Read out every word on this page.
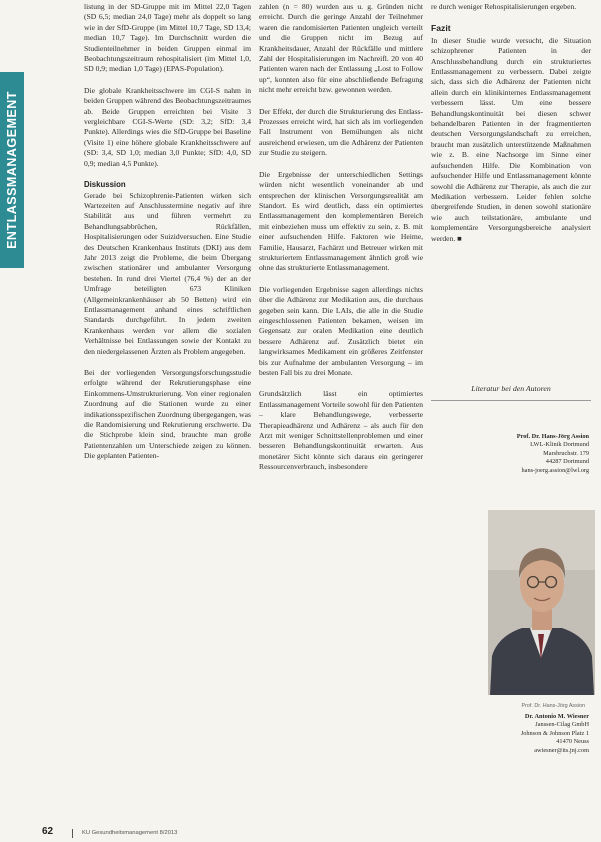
ENTLASSMANAGEMENT

listung in der SD-Gruppe mit im Mittel 22,0 Tagen (SD 6,5; median 24,0 Tage) mehr als doppelt so lang wie in der SfD-Gruppe (im Mittel 10,7 Tage, SD 13,4; median 10,7 Tage). Im Durchschnitt wurden die Studienteilnehmer in beiden Gruppen einmal im Beobachtungszeitraum rehospitalisiert (im Mittel 1,0, SD 0,9; median 1,0 Tage) (EPAS-Population).

Die globale Krankheitsschwere im CGI-S nahm in beiden Gruppen während des Beobachtungszeitraumes ab. Beide Gruppen erreichten bei Visite 3 vergleichbare CGI-S-Werte (SD: 3,2; SfD: 3,4 Punkte). Allerdings wies die SfD-Gruppe bei Baseline (Visite 1) eine höhere globale Krankheitsschwere auf (SD: 3,4, SD 1,0; median 3,0 Punkte; SfD: 4,0, SD 0,9; median 4,5 Punkte).

Diskussion

Gerade bei Schizophrenie-Patienten wirken sich Wartezeiten auf Anschlusstermine negativ auf ihre Stabilität aus und führen vermehrt zu Behandlungsabbrüchen, Rückfällen, Hospitalisierungen oder Suizidversuchen. Eine Studie des Deutschen Krankenhaus Instituts (DKI) aus dem Jahr 2013 zeigt die Probleme, die beim Übergang zwischen stationärer und ambulanter Versorgung bestehen. In rund drei Viertel (76,4 %) der an der Umfrage beteiligten 673 Kliniken (Allgemeinkrankenhäuser ab 50 Betten) wird ein Entlassmanagement anhand eines schriftlichen Standards durchgeführt. In jedem zweiten Krankenhaus werden vor allem die sozialen Verhältnisse bei Entlassungen sowie der Kontakt zu den niedergelassenen Ärzten als Problem angegeben.

Bei der vorliegenden Versorgungsforschungsstudie erfolgte während der Rekrutierungsphase eine Einkommens-Umstrukturierung. Von einer regionalen Zuordnung auf die Stationen wurde zu einer indikationsspezifischen Zuordnung übergegangen, was die Randomisierung und Rekrutierung erschwerte. Da die Stichprobe klein sind, brauchte man große Patientenzahlen um Unterschiede zeigen zu können. Die geplanten Patienten-

zahlen (n = 80) wurden aus u. g. Gründen nicht erreicht. Durch die geringe Anzahl der Teilnehmer waren die randomisierten Patienten ungleich verteilt und die Gruppen nicht im Bezug auf Krankheitsdauer, Anzahl der Rückfälle und mittlere Zahl der Hospitalisierungen im Nachreifl. 20 von 40 Patienten waren nach der Entlassung „Lost to Follow up“, konnten also für eine abschließende Befragung nicht mehr erreicht bzw. gewonnen werden.

Der Effekt, der durch die Strukturierung des Entlass-Prozesses erreicht wird, hat sich als im vorliegenden Fall Instrument von Bemühungen als nicht ausreichend erwiesen, um die Adhärenz der Patienten zur Studie zu steigern.

Die Ergebnisse der unterschiedlichen Settings würden nicht wesentlich voneinander ab und entsprechen der klinischen Versorgungsrealität am Standort. Es wird deutlich, dass ein optimiertes Entlassmanagement den komplementären Bereich mit einbeziehen muss um effektiv zu sein, z. B. mit einer aufsuchenden Hilfe. Faktoren wie Heime, Familie, Hausarzt, Fachärzt und Betreuer wirken mit strukturiertem Entlassmanagement ähnlich groß wie ohne das strukturierte Entlassmanagement.

Die vorliegenden Ergebnisse sagen allerdings nichts über die Adhärenz zur Medikation aus, die durchaus gegeben sein kann. Die LAIs, die alle in die Studie eingeschlossenen Patienten bekamen, weisen im Gegensatz zur oralen Medikation eine deutlich bessere Adhärenz auf. Zusätzlich bietet ein langwirksames Medikament ein größeres Zeitfenster bis zur Aufnahme der ambulanten Versorgung – im besten Fall bis zu drei Monate.

Grundsätzlich lässt ein optimiertes Entlassmanagement Vorteile sowohl für den Patienten – klare Behandlungswege, verbesserte Therapieadhärenz und Adhärenz – als auch für den Arzt mit weniger Schnittstellenproblemen und einer besseren Behandlungskontinuität erwarten. Aus monetärer Sicht könnte sich daraus ein geringerer Ressourcenverbrauch, insbesondere

re durch weniger Rehospitalisierungen ergeben.

Fazit

In dieser Studie wurde versucht, die Situation schizophrener Patienten in der Anschlussbehandlung durch ein strukturiertes Entlassmanagement zu verbessern. Dabei zeigte sich, dass sich die Adhärenz der Patienten nicht allein durch ein klinikinternes Entlassmanagement verbessern lässt. Um eine bessere Behandlungskontinuität bei diesen schwer behandelbaren Patienten in der fragmentierten deutschen Versorgungslandschaft zu erreichen, braucht man zusätzlich unterstützende Maßnahmen wie z. B. eine Nachsorge im Sinne einer aufsuchenden Hilfe. Die Kombination von aufsuchender Hilfe und Entlassmanagement könnte sowohl die Adhärenz zur Therapie, als auch die zur Medikation verbessern. Leider fehlen solche übergreifende Studien, in denen sowohl stationäre wie auch teilstationäre, ambulante und komplementäre Versorgungsbereiche analysiert werden. ■

Literatur bei den Autoren
Prof. Dr. Hans-Jörg Assion
LWL-Klinik Dortmund
Marsbruchstr. 179
44287 Dortmund
hans-joerg.assion@lwl.org
Prof. Dr. Hans-Jörg Assion
Dr. Antonio M. Wiesner
Janssen-Cilag GmbH
Johnson & Johnson Platz 1
41470 Neuss
awiesner@its.jnj.com
62	KU Gesundheitsmanagement 8/2013
